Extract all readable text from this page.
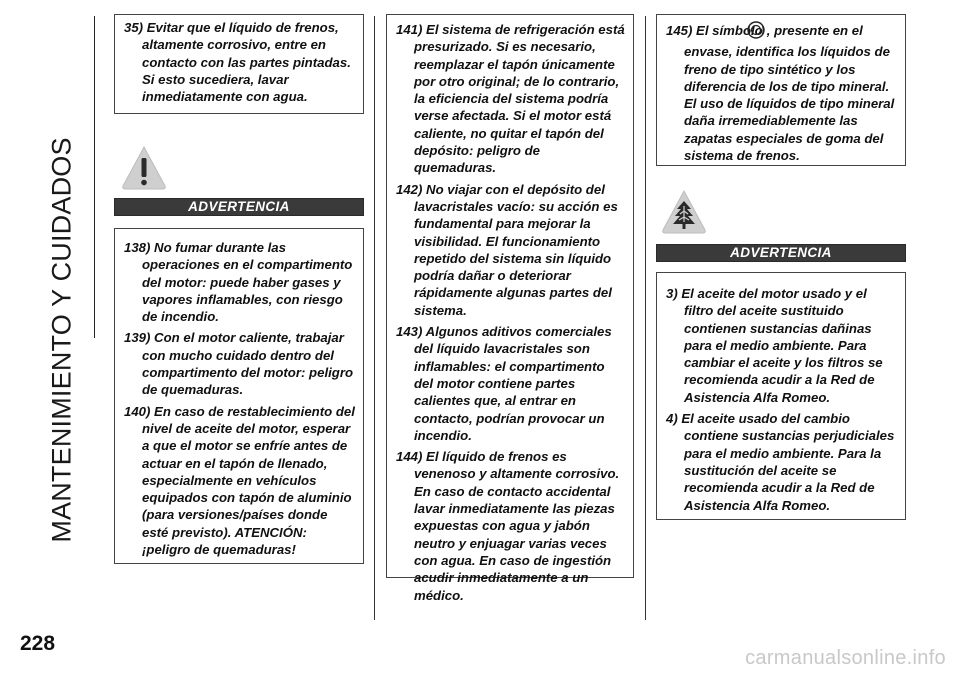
MANTENIMIENTO Y CUIDADOS
228

35) Evitar que el líquido de frenos, altamente corrosivo, entre en contacto con las partes pintadas. Si esto sucediera, lavar inmediatamente con agua.

ADVERTENCIA

138) No fumar durante las operaciones en el compartimento del motor: puede haber gases y vapores inflamables, con riesgo de incendio.

139) Con el motor caliente, trabajar con mucho cuidado dentro del compartimento del motor: peligro de quemaduras.

140) En caso de restablecimiento del nivel de aceite del motor, esperar a que el motor se enfríe antes de actuar en el tapón de llenado, especialmente en vehículos equipados con tapón de aluminio (para versiones/países donde esté previsto). ATENCIÓN: ¡peligro de quemaduras!

141) El sistema de refrigeración está presurizado. Si es necesario, reemplazar el tapón únicamente por otro original; de lo contrario, la eficiencia del sistema podría verse afectada. Si el motor está caliente, no quitar el tapón del depósito: peligro de quemaduras.

142) No viajar con el depósito del lavacristales vacío: su acción es fundamental para mejorar la visibilidad. El funcionamiento repetido del sistema sin líquido podría dañar o deteriorar rápidamente algunas partes del sistema.

143) Algunos aditivos comerciales del líquido lavacristales son inflamables: el compartimento del motor contiene partes calientes que, al entrar en contacto, podrían provocar un incendio.

144) El líquido de frenos es venenoso y altamente corrosivo. En caso de contacto accidental lavar inmediatamente las piezas expuestas con agua y jabón neutro y enjuagar varias veces con agua. En caso de ingestión acudir inmediatamente a un médico.

145) El símbolo , presente en el envase, identifica los líquidos de freno de tipo sintético y los diferencia de los de tipo mineral. El uso de líquidos de tipo mineral daña irremediablemente las zapatas especiales de goma del sistema de frenos.

ADVERTENCIA

3) El aceite del motor usado y el filtro del aceite sustituido contienen sustancias dañinas para el medio ambiente. Para cambiar el aceite y los filtros se recomienda acudir a la Red de Asistencia Alfa Romeo.

4) El aceite usado del cambio contiene sustancias perjudiciales para el medio ambiente. Para la sustitución del aceite se recomienda acudir a la Red de Asistencia Alfa Romeo.

carmanualsonline.info
